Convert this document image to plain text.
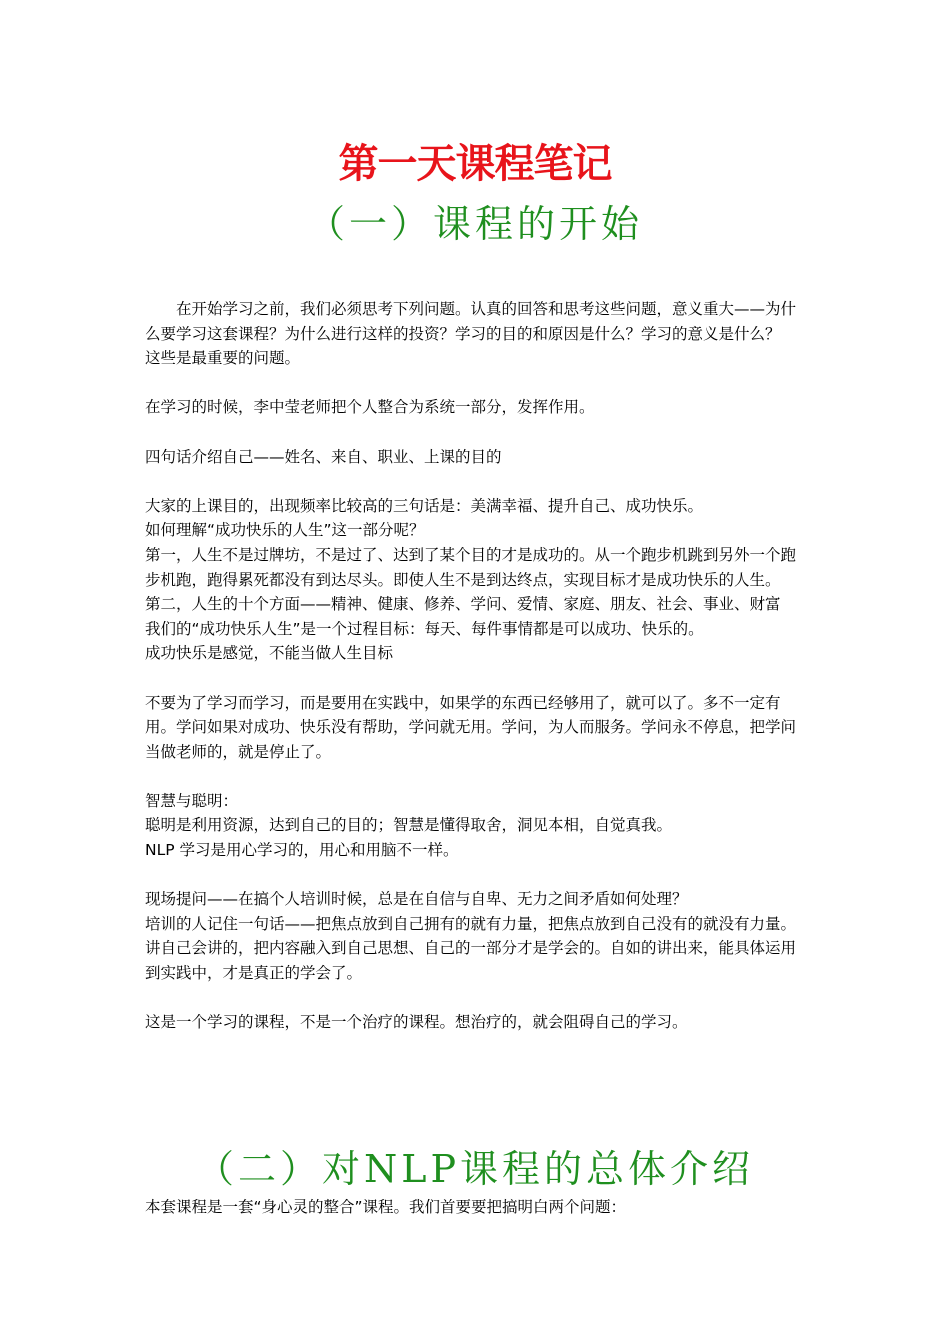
第一天课程笔记
（一）课程的开始

在开始学习之前，我们必须思考下列问题。认真的回答和思考这些问题，意义重大——为什么要学习这套课程？为什么进行这样的投资？学习的目的和原因是什么？学习的意义是什么？

这些是最重要的问题。

在学习的时候，李中莹老师把个人整合为系统一部分，发挥作用。

四句话介绍自己——姓名、来自、职业、上课的目的

大家的上课目的，出现频率比较高的三句话是：美满幸福、提升自己、成功快乐。

如何理解“成功快乐的人生”这一部分呢？

第一，人生不是过牌坊，不是过了、达到了某个目的才是成功的。从一个跑步机跳到另外一个跑步机跑，跑得累死都没有到达尽头。即使人生不是到达终点，实现目标才是成功快乐的人生。

第二，人生的十个方面——精神、健康、修养、学问、爱情、家庭、朋友、社会、事业、财富

我们的“成功快乐人生”是一个过程目标：每天、每件事情都是可以成功、快乐的。

成功快乐是感觉，不能当做人生目标

不要为了学习而学习，而是要用在实践中，如果学的东西已经够用了，就可以了。多不一定有用。学问如果对成功、快乐没有帮助，学问就无用。学问，为人而服务。学问永不停息，把学问当做老师的，就是停止了。

智慧与聪明：

聪明是利用资源，达到自己的目的；智慧是懂得取舍，洞见本相，自觉真我。

NLP 学习是用心学习的，用心和用脑不一样。

现场提问——在搞个人培训时候，总是在自信与自卑、无力之间矛盾如何处理？

培训的人记住一句话——把焦点放到自己拥有的就有力量，把焦点放到自己没有的就没有力量。

讲自己会讲的，把内容融入到自己思想、自己的一部分才是学会的。自如的讲出来，能具体运用到实践中，才是真正的学会了。

这是一个学习的课程，不是一个治疗的课程。想治疗的，就会阻碍自己的学习。

（二）对NLP课程的总体介绍

本套课程是一套“身心灵的整合”课程。我们首要要把搞明白两个问题：
